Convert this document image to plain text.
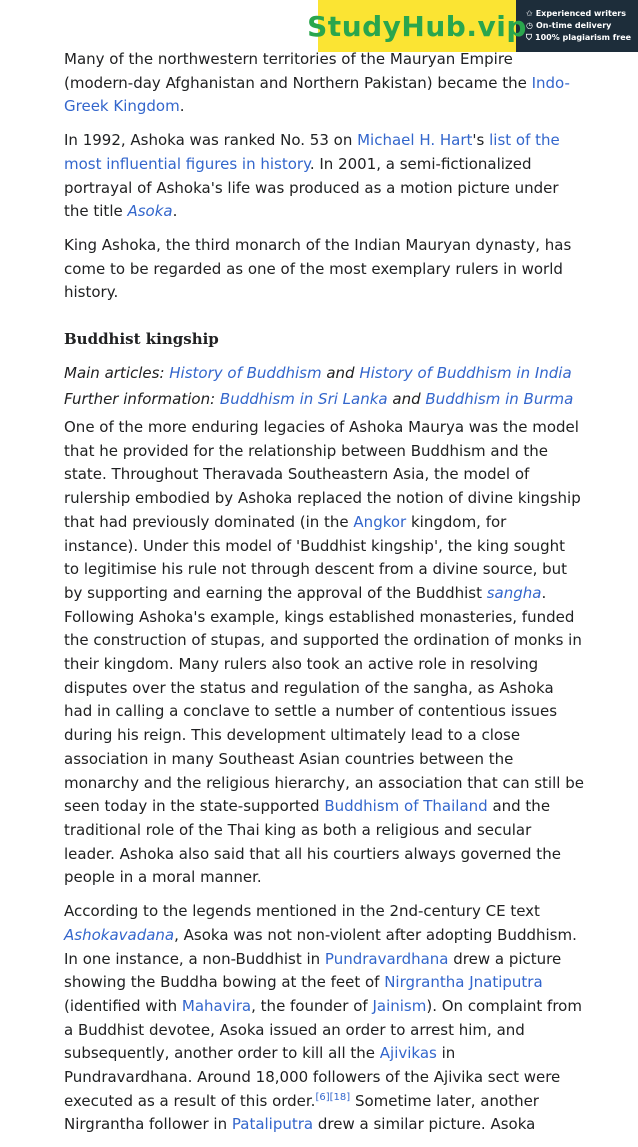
StudyHub.vip ✩ Experienced writers
◷ On-time delivery
⛉ 100% plagiarism free

Many of the northwestern territories of the Mauryan Empire (modern-day Afghanistan and Northern Pakistan) became the Indo-Greek Kingdom.

In 1992, Ashoka was ranked No. 53 on Michael H. Hart's list of the most influential figures in history. In 2001, a semi-fictionalized portrayal of Ashoka's life was produced as a motion picture under the title Asoka.

King Ashoka, the third monarch of the Indian Mauryan dynasty, has come to be regarded as one of the most exemplary rulers in world history.

Buddhist kingship
Main articles: History of Buddhism and History of Buddhism in India
Further information: Buddhism in Sri Lanka and Buddhism in Burma

One of the more enduring legacies of Ashoka Maurya was the model that he provided for the relationship between Buddhism and the state. Throughout Theravada Southeastern Asia, the model of rulership embodied by Ashoka replaced the notion of divine kingship that had previously dominated (in the Angkor kingdom, for instance). Under this model of 'Buddhist kingship', the king sought to legitimise his rule not through descent from a divine source, but by supporting and earning the approval of the Buddhist sangha. Following Ashoka's example, kings established monasteries, funded the construction of stupas, and supported the ordination of monks in their kingdom. Many rulers also took an active role in resolving disputes over the status and regulation of the sangha, as Ashoka had in calling a conclave to settle a number of contentious issues during his reign. This development ultimately lead to a close association in many Southeast Asian countries between the monarchy and the religious hierarchy, an association that can still be seen today in the state-supported Buddhism of Thailand and the traditional role of the Thai king as both a religious and secular leader. Ashoka also said that all his courtiers always governed the people in a moral manner.

According to the legends mentioned in the 2nd-century CE text Ashokavadana, Asoka was not non-violent after adopting Buddhism. In one instance, a non-Buddhist in Pundravardhana drew a picture showing the Buddha bowing at the feet of Nirgrantha Jnatiputra (identified with Mahavira, the founder of Jainism). On complaint from a Buddhist devotee, Asoka issued an order to arrest him, and subsequently, another order to kill all the Ajivikas in Pundravardhana. Around 18,000 followers of the Ajivika sect were executed as a result of this order.[6][18] Sometime later, another Nirgrantha follower in Pataliputra drew a similar picture. Asoka
